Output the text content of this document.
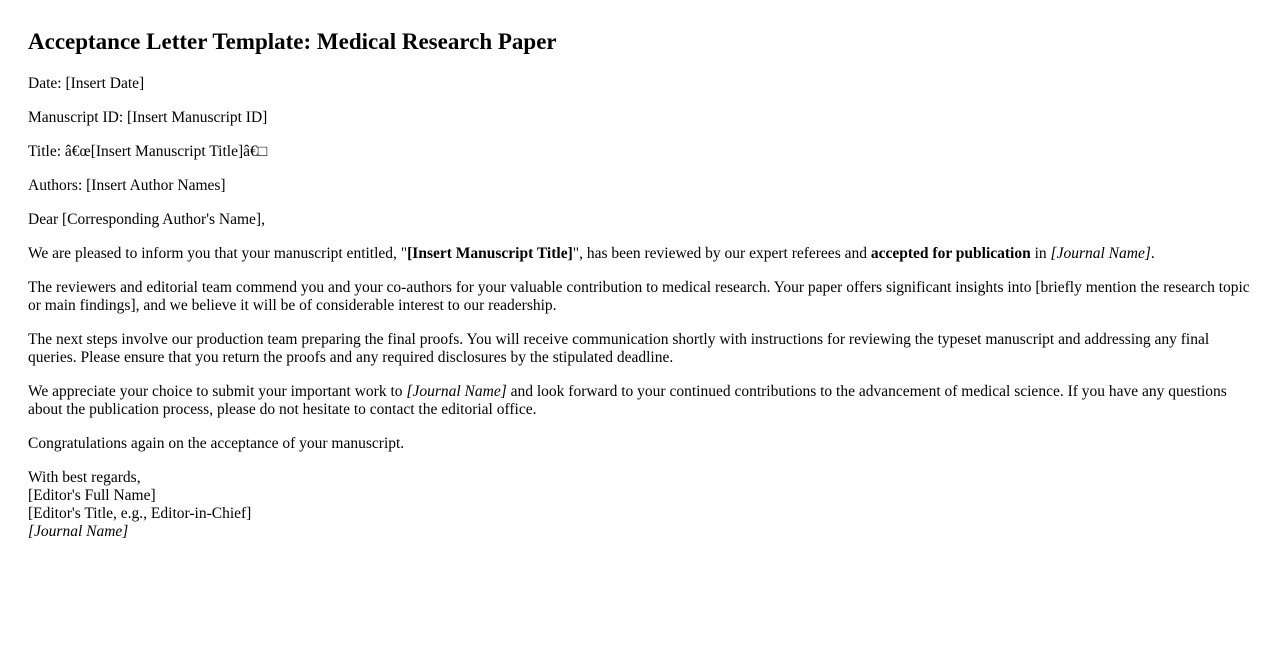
Acceptance Letter Template: Medical Research Paper

Date: [Insert Date]

Manuscript ID: [Insert Manuscript ID]

Title: â€œ[Insert Manuscript Title]â€□

Authors: [Insert Author Names]

Dear [Corresponding Author's Name],

We are pleased to inform you that your manuscript entitled, "[Insert Manuscript Title]", has been reviewed by our expert referees and accepted for publication in [Journal Name].

The reviewers and editorial team commend you and your co-authors for your valuable contribution to medical research. Your paper offers significant insights into [briefly mention the research topic or main findings], and we believe it will be of considerable interest to our readership.

The next steps involve our production team preparing the final proofs. You will receive communication shortly with instructions for reviewing the typeset manuscript and addressing any final queries. Please ensure that you return the proofs and any required disclosures by the stipulated deadline.

We appreciate your choice to submit your important work to [Journal Name] and look forward to your continued contributions to the advancement of medical science. If you have any questions about the publication process, please do not hesitate to contact the editorial office.

Congratulations again on the acceptance of your manuscript.

With best regards,
[Editor's Full Name]
[Editor's Title, e.g., Editor-in-Chief]
[Journal Name]
